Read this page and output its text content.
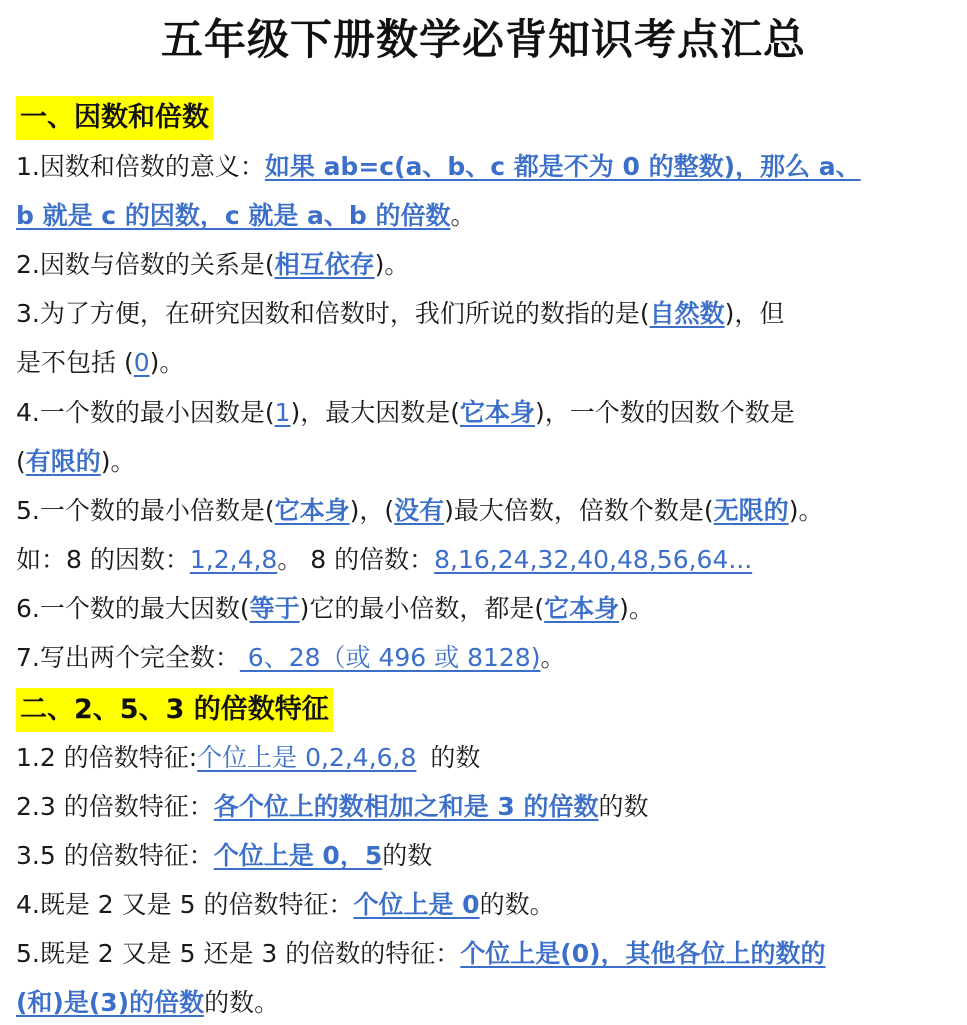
五年级下册数学必背知识考点汇总
一、因数和倍数
1.因数和倍数的意义：如果 ab=c(a、b、c 都是不为 0 的整数)，那么 a、
b 就是 c 的因数，c 就是 a、b 的倍数。
2.因数与倍数的关系是(相互依存)。
3.为了方便，在研究因数和倍数时，我们所说的数指的是(自然数)，但
是不包括 (0)。
4.一个数的最小因数是(1)，最大因数是(它本身)，一个数的因数个数是
(有限的)。
5.一个数的最小倍数是(它本身)，(没有)最大倍数，倍数个数是(无限的)。
如：8 的因数：1,2,4,8。 8 的倍数：8,16,24,32,40,48,56,64...
6.一个数的最大因数(等于)它的最小倍数，都是(它本身)。
7.写出两个完全数： 6、28（或 496 或 8128)。
二、2、5、3 的倍数特征
1.2 的倍数特征:个位上是 0,2,4,6,8 的数
2.3 的倍数特征：各个位上的数相加之和是 3 的倍数的数
3.5 的倍数特征：个位上是 0，5的数
4.既是 2 又是 5 的倍数特征：个位上是 0的数。
5.既是 2 又是 5 还是 3 的倍数的特征：个位上是(0)，其他各位上的数的
(和)是(3)的倍数的数。
